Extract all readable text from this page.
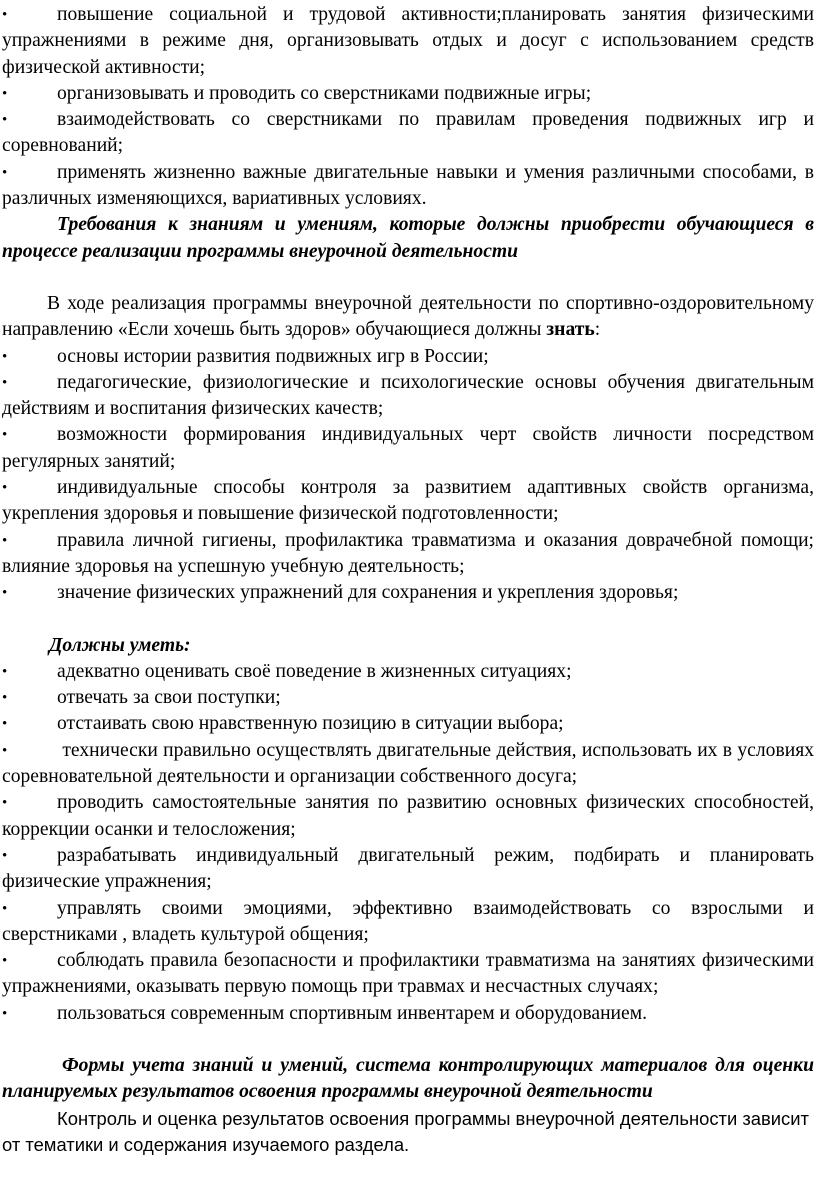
•	повышение социальной и трудовой активности;планировать занятия физическими упражнениями в режиме дня, организовывать отдых и досуг с использованием средств физической активности;

•	организовывать и проводить со сверстниками подвижные игры;

•	взаимодействовать со сверстниками по правилам проведения подвижных игр и соревнований;

•	применять жизненно важные двигательные навыки и умения различными способами, в различных изменяющихся, вариативных условиях.

Требования к знаниям и умениям, которые должны приобрести обучающиеся в процессе реализации программы внеурочной деятельности

В ходе реализация программы внеурочной деятельности по спортивно-оздоровительному направлению «Если хочешь быть здоров» обучающиеся должны знать:

•	основы истории развития подвижных игр в России;

•	педагогические, физиологические и психологические основы обучения двигательным действиям и воспитания физических качеств;

•	возможности формирования индивидуальных черт свойств личности посредством регулярных занятий;

•	индивидуальные способы контроля за развитием адаптивных свойств организма, укрепления здоровья и повышение физической подготовленности;

•	правила личной гигиены, профилактика травматизма и оказания доврачебной помощи; влияние здоровья на успешную учебную деятельность;

•	значение физических упражнений для сохранения и укрепления здоровья;

Должны уметь:

•	адекватно оценивать своё поведение в жизненных ситуациях;

•	отвечать за свои поступки;

•	отстаивать свою нравственную позицию в ситуации выбора;

•	технически правильно осуществлять двигательные действия, использовать их в условиях соревновательной деятельности и организации собственного досуга;

•	проводить самостоятельные занятия по развитию основных физических способностей, коррекции осанки и телосложения;

•	разрабатывать индивидуальный двигательный режим, подбирать и планировать физические упражнения;

•	управлять своими эмоциями, эффективно взаимодействовать со взрослыми и сверстниками , владеть культурой общения;

•	соблюдать правила безопасности и профилактики травматизма на занятиях физическими упражнениями, оказывать первую помощь при травмах и несчастных случаях;

•	пользоваться современным спортивным инвентарем и оборудованием.

Формы учета знаний и умений, система контролирующих материалов для оценки планируемых результатов освоения программы внеурочной деятельности

Контроль и оценка результатов освоения программы внеурочной деятельности зависит от тематики и содержания изучаемого раздела.
